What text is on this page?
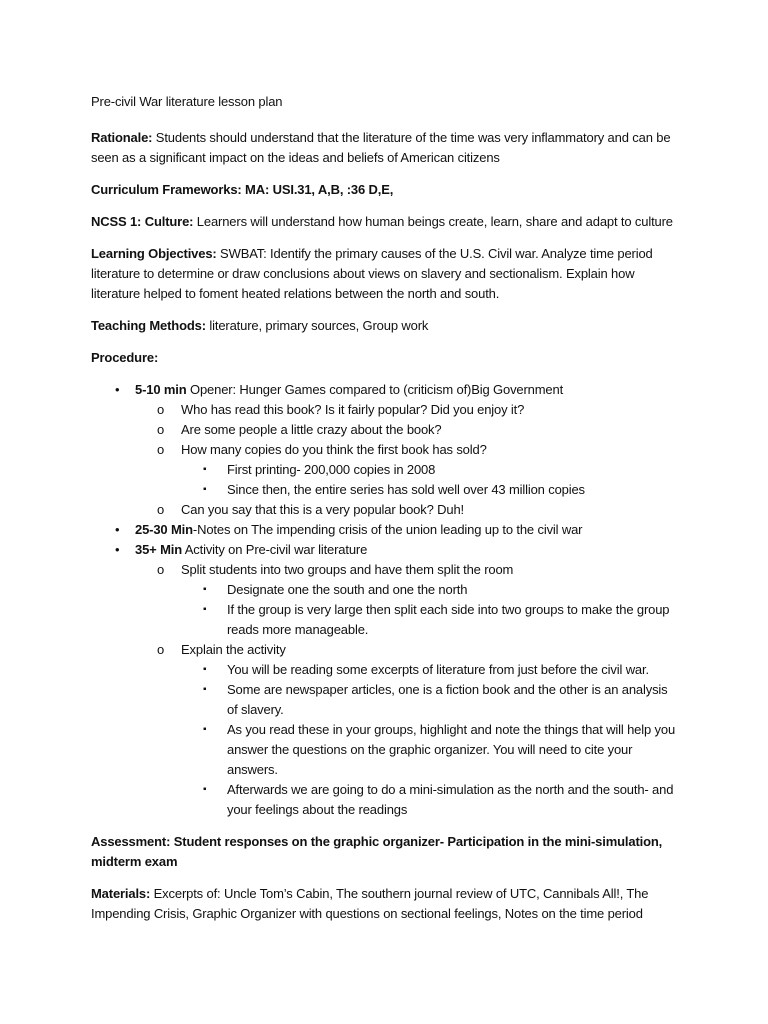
Pre-civil War literature lesson plan

Rationale: Students should understand that the literature of the time was very inflammatory and can be seen as a significant impact on the ideas and beliefs of American citizens

Curriculum Frameworks: MA: USI.31, A,B, :36 D,E,

NCSS 1: Culture: Learners will understand how human beings create, learn, share and adapt to culture

Learning Objectives: SWBAT: Identify the primary causes of the U.S. Civil war. Analyze time period literature to determine or draw conclusions about views on slavery and sectionalism. Explain how literature helped to foment heated relations between the north and south.

Teaching Methods: literature, primary sources, Group work

Procedure:

• 5-10 min Opener: Hunger Games compared to (criticism of)Big Government
o Who has read this book? Is it fairly popular? Did you enjoy it?
o Are some people a little crazy about the book?
o How many copies do you think the first book has sold?
▪ First printing- 200,000 copies in 2008
▪ Since then, the entire series has sold well over 43 million copies
o Can you say that this is a very popular book? Duh!
• 25-30 Min-Notes on The impending crisis of the union leading up to the civil war
• 35+ Min Activity on Pre-civil war literature
o Split students into two groups and have them split the room
▪ Designate one the south and one the north
▪ If the group is very large then split each side into two groups to make the group reads more manageable.
o Explain the activity
▪ You will be reading some excerpts of literature from just before the civil war.
▪ Some are newspaper articles, one is a fiction book and the other is an analysis of slavery.
▪ As you read these in your groups, highlight and note the things that will help you answer the questions on the graphic organizer. You will need to cite your answers.
▪ Afterwards we are going to do a mini-simulation as the north and the south- and your feelings about the readings

Assessment: Student responses on the graphic organizer- Participation in the mini-simulation, midterm exam

Materials: Excerpts of: Uncle Tom’s Cabin, The southern journal review of UTC, Cannibals All!, The Impending Crisis, Graphic Organizer with questions on sectional feelings, Notes on the time period
